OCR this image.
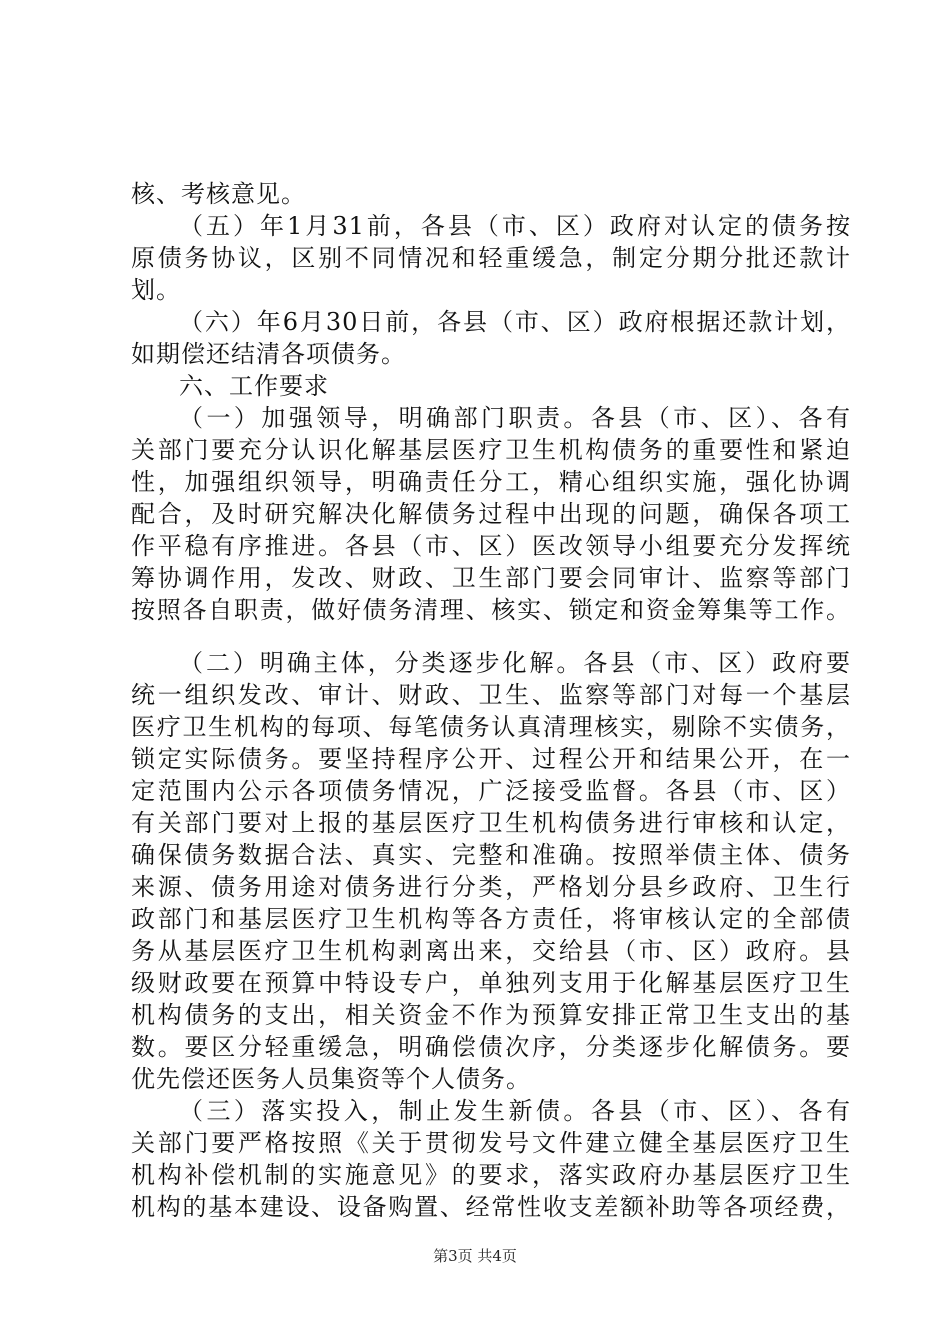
核、考核意见。
（五）年1月31前，各县（市、区）政府对认定的债务按
原债务协议，区别不同情况和轻重缓急，制定分期分批还款计
划。
（六）年6月30日前，各县（市、区）政府根据还款计划，
如期偿还结清各项债务。
六、工作要求
（一）加强领导，明确部门职责。各县（市、区）、各有
关部门要充分认识化解基层医疗卫生机构债务的重要性和紧迫
性，加强组织领导，明确责任分工，精心组织实施，强化协调
配合，及时研究解决化解债务过程中出现的问题，确保各项工
作平稳有序推进。各县（市、区）医改领导小组要充分发挥统
筹协调作用，发改、财政、卫生部门要会同审计、监察等部门
按照各自职责，做好债务清理、核实、锁定和资金筹集等工作。
（二）明确主体，分类逐步化解。各县（市、区）政府要
统一组织发改、审计、财政、卫生、监察等部门对每一个基层
医疗卫生机构的每项、每笔债务认真清理核实，剔除不实债务，
锁定实际债务。要坚持程序公开、过程公开和结果公开，在一
定范围内公示各项债务情况，广泛接受监督。各县（市、区）
有关部门要对上报的基层医疗卫生机构债务进行审核和认定，
确保债务数据合法、真实、完整和准确。按照举债主体、债务
来源、债务用途对债务进行分类，严格划分县乡政府、卫生行
政部门和基层医疗卫生机构等各方责任，将审核认定的全部债
务从基层医疗卫生机构剥离出来，交给县（市、区）政府。县
级财政要在预算中特设专户，单独列支用于化解基层医疗卫生
机构债务的支出，相关资金不作为预算安排正常卫生支出的基
数。要区分轻重缓急，明确偿债次序，分类逐步化解债务。要
优先偿还医务人员集资等个人债务。
（三）落实投入，制止发生新债。各县（市、区）、各有
关部门要严格按照《关于贯彻发号文件建立健全基层医疗卫生
机构补偿机制的实施意见》的要求，落实政府办基层医疗卫生
机构的基本建设、设备购置、经常性收支差额补助等各项经费，
第3页 共4页
